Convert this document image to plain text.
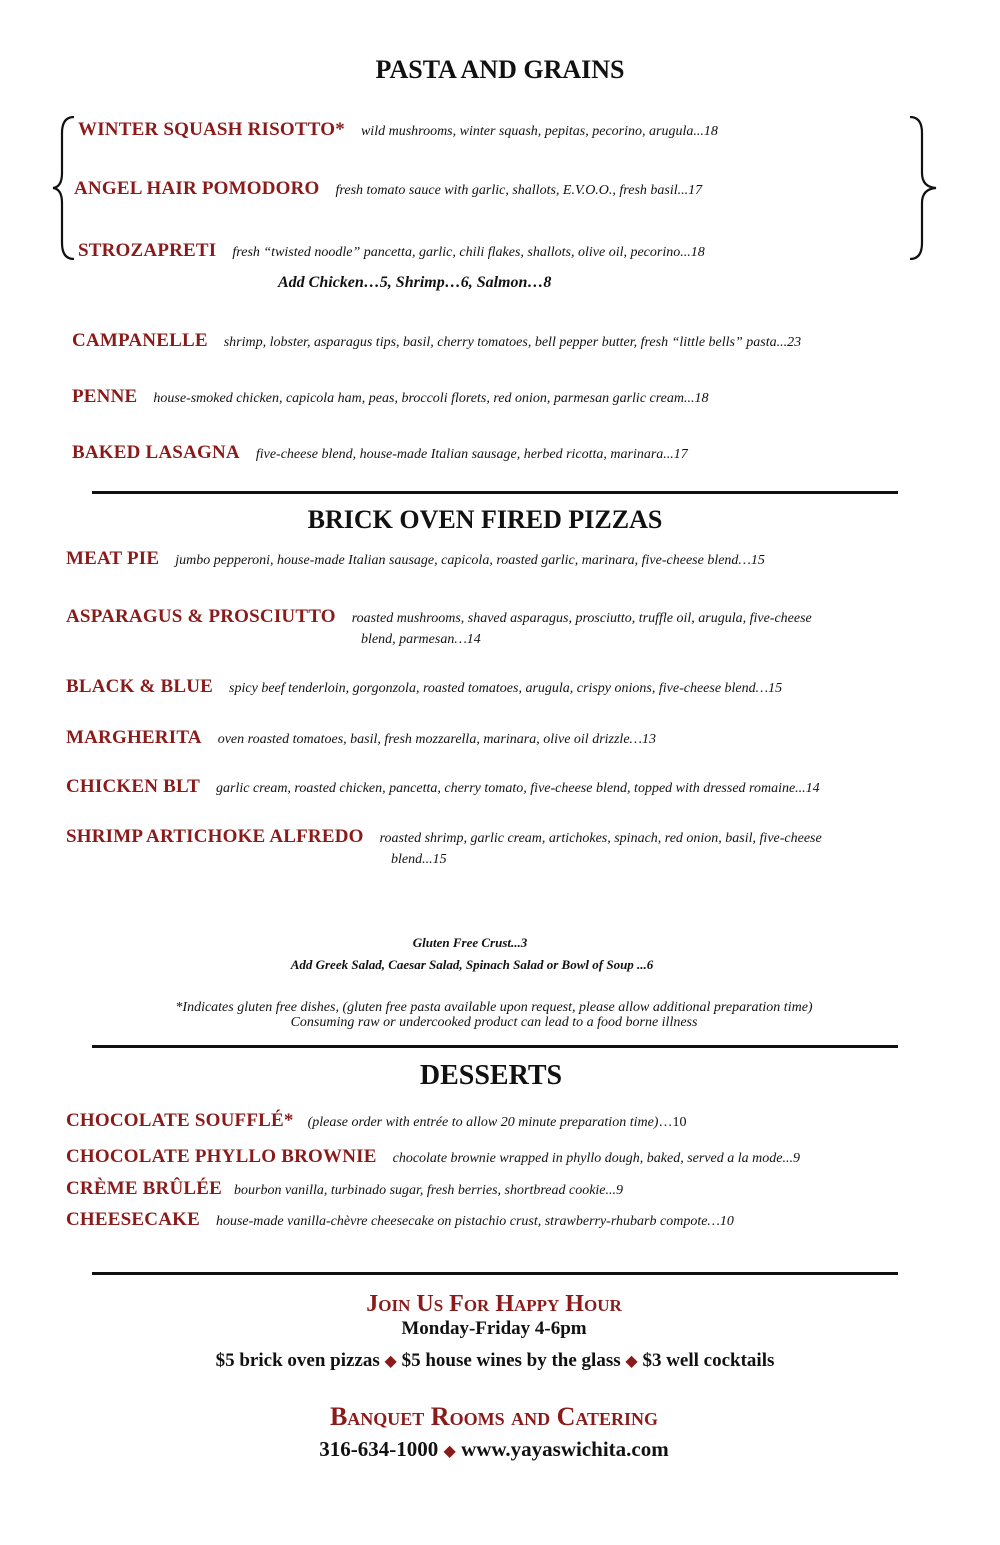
PASTA AND GRAINS
WINTER SQUASH RISOTTO* wild mushrooms, winter squash, pepitas, pecorino, arugula...18
ANGEL HAIR POMODORO fresh tomato sauce with garlic, shallots, E.V.O.O., fresh basil...17
STROZAPRETI fresh “twisted noodle” pancetta, garlic, chili flakes, shallots, olive oil, pecorino...18
Add Chicken…5, Shrimp…6, Salmon…8
CAMPANELLE shrimp, lobster, asparagus tips, basil, cherry tomatoes, bell pepper butter, fresh “little bells” pasta...23
PENNE house-smoked chicken, capicola ham, peas, broccoli florets, red onion, parmesan garlic cream...18
BAKED LASAGNA five-cheese blend, house-made Italian sausage, herbed ricotta, marinara...17
BRICK OVEN FIRED PIZZAS
MEAT PIE jumbo pepperoni, house-made Italian sausage, capicola, roasted garlic, marinara, five-cheese blend…15
ASPARAGUS & PROSCIUTTO roasted mushrooms, shaved asparagus, prosciutto, truffle oil, arugula, five-cheese
blend, parmesan…14
BLACK & BLUE spicy beef tenderloin, gorgonzola, roasted tomatoes, arugula, crispy onions, five-cheese blend…15
MARGHERITA oven roasted tomatoes, basil, fresh mozzarella, marinara, olive oil drizzle…13
CHICKEN BLT garlic cream, roasted chicken, pancetta, cherry tomato, five-cheese blend, topped with dressed romaine...14
SHRIMP ARTICHOKE ALFREDO roasted shrimp, garlic cream, artichokes, spinach, red onion, basil, five-cheese
blend...15
Gluten Free Crust...3
Add Greek Salad, Caesar Salad, Spinach Salad or Bowl of Soup ...6
*Indicates gluten free dishes, (gluten free pasta available upon request, please allow additional preparation time)
Consuming raw or undercooked product can lead to a food borne illness
DESSERTS
CHOCOLATE SOUFFLÉ* (please order with entrée to allow 20 minute preparation time)…10
CHOCOLATE PHYLLO BROWNIE chocolate brownie wrapped in phyllo dough, baked, served a la mode...9
CRÈME BRÛLÉE bourbon vanilla, turbinado sugar, fresh berries, shortbread cookie...9
CHEESECAKE house-made vanilla-chèvre cheesecake on pistachio crust, strawberry-rhubarb compote…10
Join Us For Happy Hour
Monday-Friday 4-6pm
$5 brick oven pizzas ◆ $5 house wines by the glass ◆ $3 well cocktails
Banquet Rooms and Catering
316-634-1000 ◆ www.yayaswichita.com
